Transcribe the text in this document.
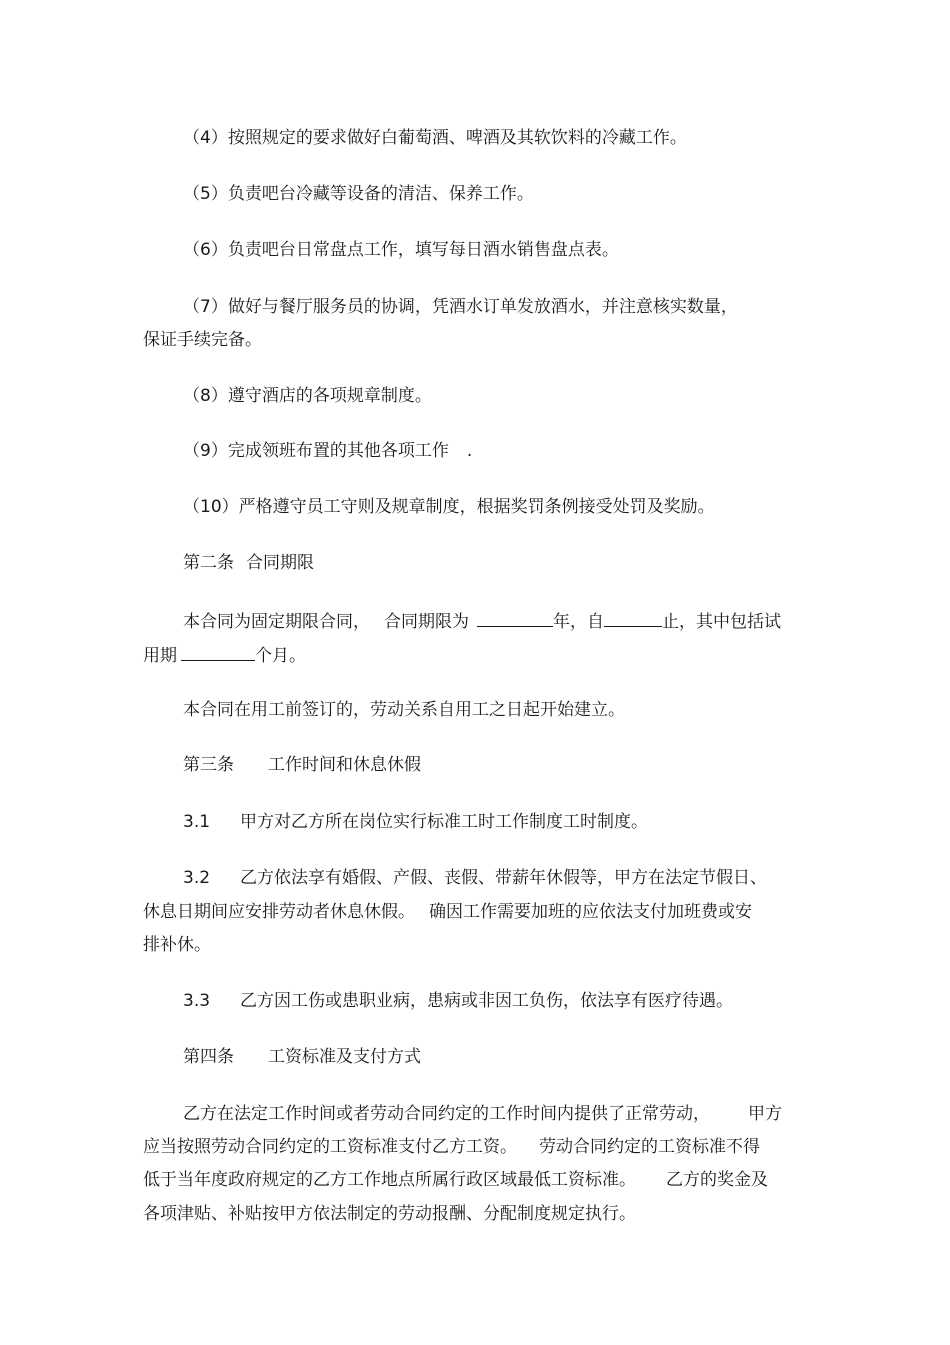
（4）按照规定的要求做好白葡萄酒、啤酒及其软饮料的冷藏工作。

（5）负责吧台冷藏等设备的清洁、保养工作。

（6）负责吧台日常盘点工作，填写每日酒水销售盘点表。

（7）做好与餐厅服务员的协调，凭酒水订单发放酒水，并注意核实数量，

保证手续完备。

（8）遵守酒店的各项规章制度。

（9）完成领班布置的其他各项工作 .

（10）严格遵守员工守则及规章制度，根据奖罚条例接受处罚及奖励。

第二条 合同期限

本合同为固定期限合同， 合同期限为	年，自	止，其中包括试

用期	个月。

本合同在用工前签订的，劳动关系自用工之日起开始建立。

第三条 工作时间和休息休假

3.1 甲方对乙方所在岗位实行标准工时工作制度工时制度。

3.2 乙方依法享有婚假、产假、丧假、带薪年休假等，甲方在法定节假日、

休息日期间应安排劳动者休息休假。 确因工作需要加班的应依法支付加班费或安

排补休。

3.3 乙方因工伤或患职业病，患病或非因工负伤，依法享有医疗待遇。

第四条 工资标准及支付方式

乙方在法定工作时间或者劳动合同约定的工作时间内提供了正常劳动， 甲方

应当按照劳动合同约定的工资标准支付乙方工资。 劳动合同约定的工资标准不得

低于当年度政府规定的乙方工作地点所属行政区域最低工资标准。 乙方的奖金及

各项津贴、补贴按甲方依法制定的劳动报酬、分配制度规定执行。
